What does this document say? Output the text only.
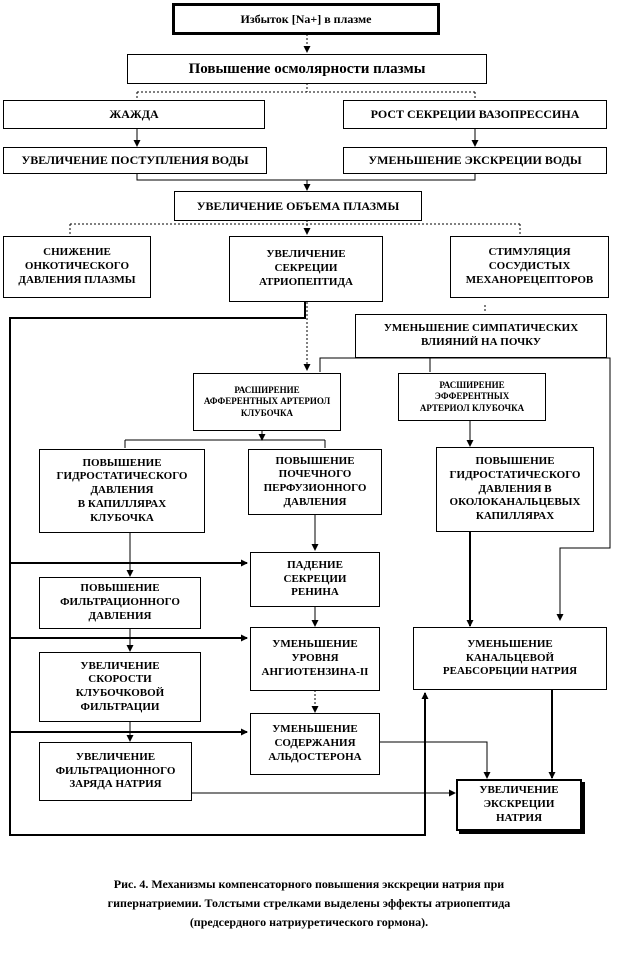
Избыток [Na+] в плазме
Повышение осмолярности плазмы
ЖАЖДА	РОСТ СЕКРЕЦИИ ВАЗОПРЕССИНА
УВЕЛИЧЕНИЕ ПОСТУПЛЕНИЯ ВОДЫ	УМЕНЬШЕНИЕ ЭКСКРЕЦИИ ВОДЫ
УВЕЛИЧЕНИЕ ОБЪЕМА ПЛАЗМЫ
СНИЖЕНИЕ
ОНКОТИЧЕСКОГО
ДАВЛЕНИЯ ПЛАЗМЫ
УВЕЛИЧЕНИЕ
СЕКРЕЦИИ
АТРИОПЕПТИДА
СТИМУЛЯЦИЯ
СОСУДИСТЫХ
МЕХАНОРЕЦЕПТОРОВ
УМЕНЬШЕНИЕ СИМПАТИЧЕСКИХ
ВЛИЯНИЙ НА ПОЧКУ
РАСШИРЕНИЕ
АФФЕРЕНТНЫХ АРТЕРИОЛ
КЛУБОЧКА
РАСШИРЕНИЕ
ЭФФЕРЕНТНЫХ
АРТЕРИОЛ КЛУБОЧКА
ПОВЫШЕНИЕ
ГИДРОСТАТИЧЕСКОГО
ДАВЛЕНИЯ
В КАПИЛЛЯРАХ
КЛУБОЧКА
ПОВЫШЕНИЕ
ПОЧЕЧНОГО
ПЕРФУЗИОННОГО
ДАВЛЕНИЯ
ПОВЫШЕНИЕ
ГИДРОСТАТИЧЕСКОГО
ДАВЛЕНИЯ В
ОКОЛОКАНАЛЬЦЕВЫХ
КАПИЛЛЯРАХ
ПАДЕНИЕ
СЕКРЕЦИИ
РЕНИНА
ПОВЫШЕНИЕ
ФИЛЬТРАЦИОННОГО
ДАВЛЕНИЯ
УМЕНЬШЕНИЕ
УРОВНЯ
АНГИОТЕНЗИНА-II
УМЕНЬШЕНИЕ
КАНАЛЬЦЕВОЙ
РЕАБСОРБЦИИ НАТРИЯ
УВЕЛИЧЕНИЕ
СКОРОСТИ
КЛУБОЧКОВОЙ
ФИЛЬТРАЦИИ
УМЕНЬШЕНИЕ
СОДЕРЖАНИЯ
АЛЬДОСТЕРОНА
УВЕЛИЧЕНИЕ
ФИЛЬТРАЦИОННОГО
ЗАРЯДА НАТРИЯ	УВЕЛИЧЕНИЕ
ЭКСКРЕЦИИ
НАТРИЯ
Рис. 4. Механизмы компенсаторного повышения экскреции натрия при
гипернатриемии. Толстыми стрелками выделены эффекты атриопептида
(предсердного натриуретического гормона).
